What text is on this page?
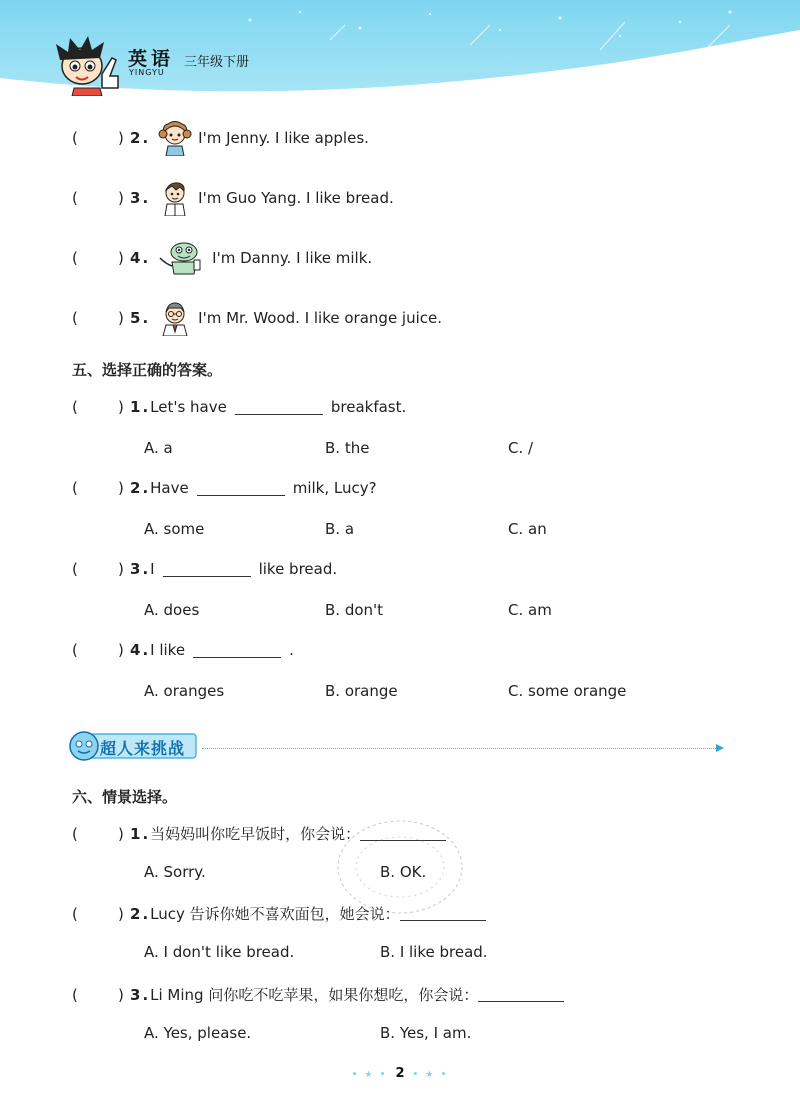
英语
YINGYU
三年级下册
(	) 2 .	I'm Jenny. I like apples.
(	) 3 .	I'm Guo Yang. I like bread.
(	) 4 .	I'm Danny. I like milk.
(	) 5 .	I'm Mr. Wood. I like orange juice.
五、选择正确的答案。
(	) 1 . Let's have	breakfast.
A. a	B. the	C. /
(	) 2 . Have	milk, Lucy?
A. some	B. a	C. an
(	) 3 . I	like bread.
A. does	B. don't	C. am
(	) 4 . I like	.
A. oranges	B. orange	C. some orange
超人来挑战
六、情景选择。
(	) 1 . 当妈妈叫你吃早饭时，你会说：
A. Sorry.	B. OK.
(	) 2 . Lucy 告诉你她不喜欢面包，她会说：
A. I don't like bread.	B. I like bread.
(	) 3 . Li Ming 问你吃不吃苹果，如果你想吃，你会说：
A. Yes, please.	B. Yes, I am.
• ★ • 2 • ★ •
